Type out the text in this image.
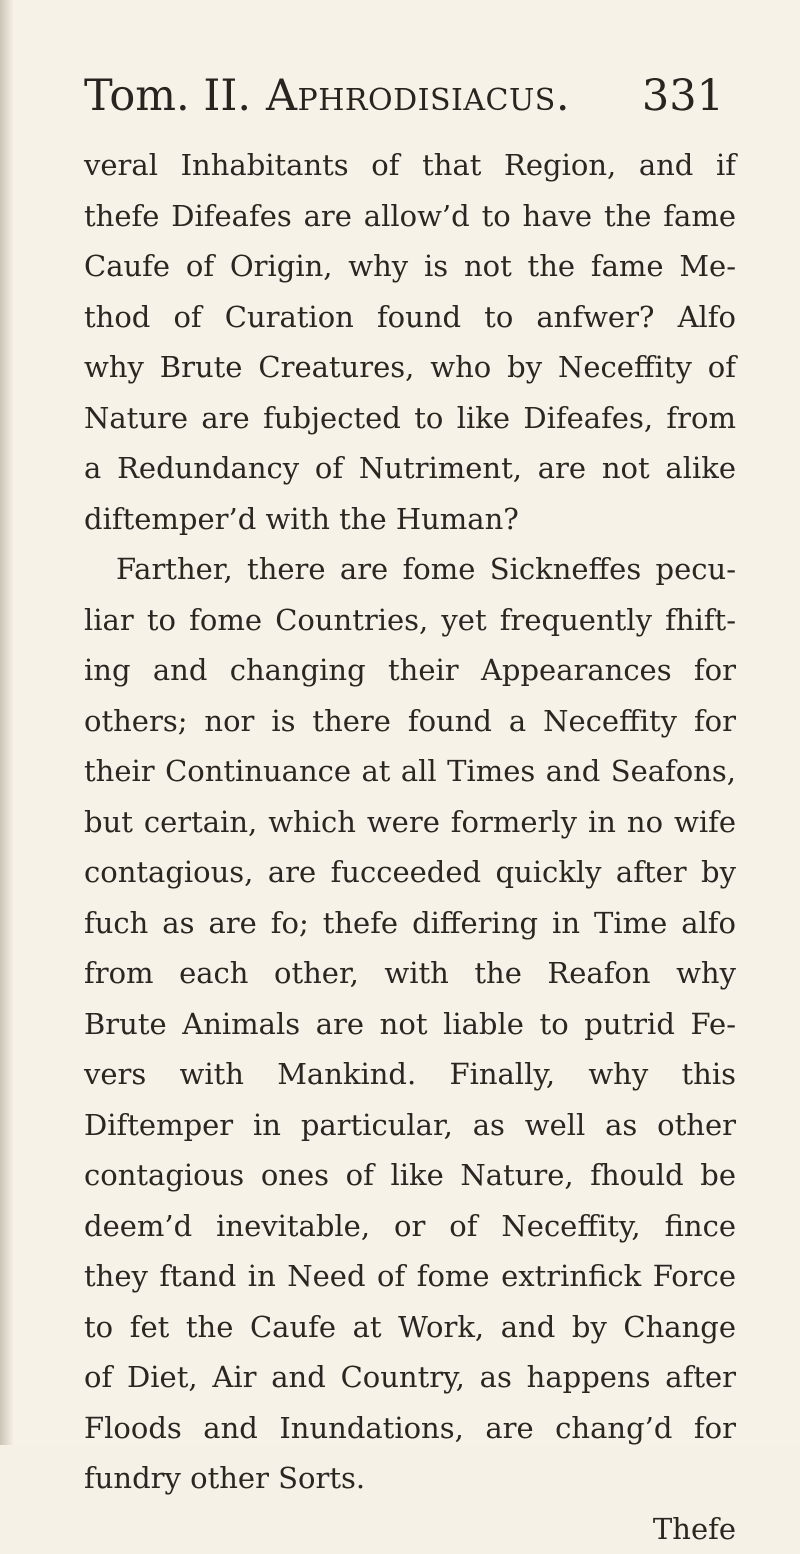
Tom. II. Aphrodisiacus. 331
veral Inhabitants of that Region, and if
thefe Difeafes are allow’d to have the fame
Caufe of Origin, why is not the fame Me-
thod of Curation found to anfwer? Alfo
why Brute Creatures, who by Neceffity of
Nature are fubjected to like Difeafes, from
a Redundancy of Nutriment, are not alike
diftemper’d with the Human?
Farther, there are fome Sickneffes pecu-
liar to fome Countries, yet frequently fhift-
ing and changing their Appearances for
others; nor is there found a Neceffity for
their Continuance at all Times and Seafons,
but certain, which were formerly in no wife
contagious, are fucceeded quickly after by
fuch as are fo; thefe differing in Time alfo
from each other, with the Reafon why
Brute Animals are not liable to putrid Fe-
vers with Mankind. Finally, why this
Diftemper in particular, as well as other
contagious ones of like Nature, fhould be
deem’d inevitable, or of Neceffity, fince
they ftand in Need of fome extrinfick Force
to fet the Caufe at Work, and by Change
of Diet, Air and Country, as happens after
Floods and Inundations, are chang’d for
fundry other Sorts.
Thefe
